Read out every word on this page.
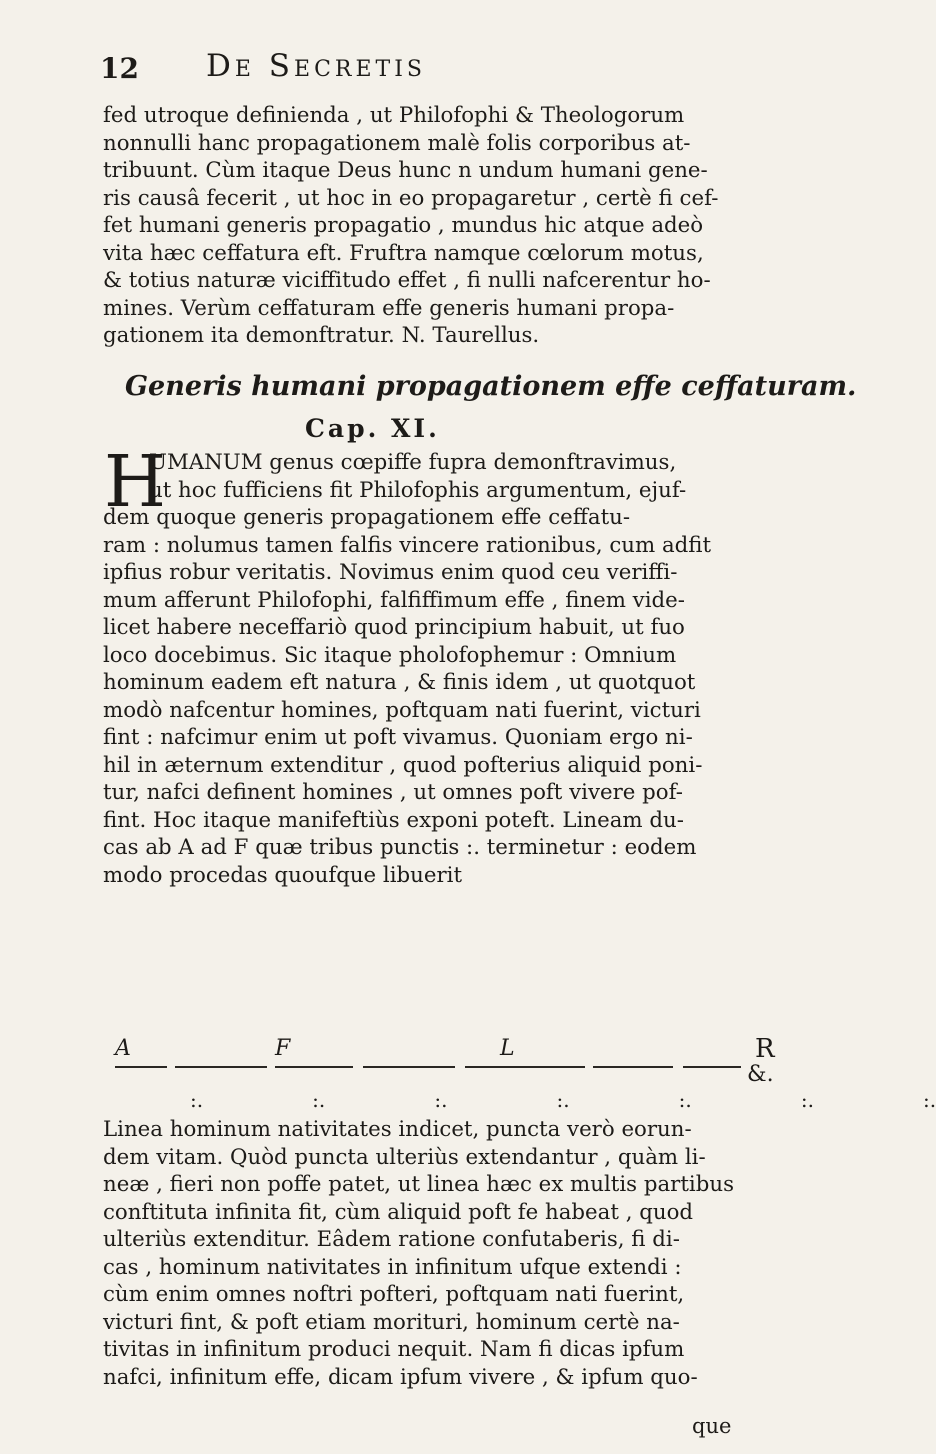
12 De Secretis
fed utroque definienda , ut Philofophi & Theologorum
nonnulli hanc propagationem malè folis corporibus at-
tribuunt. Cùm itaque Deus hunc n undum humani gene-
ris causâ fecerit , ut hoc in eo propagaretur , certè fi cef-
fet humani generis propagatio , mundus hic atque adeò
vita hæc ceffatura eft. Fruftra namque cœlorum motus,
& totius naturæ viciffitudo effet , fi nulli nafcerentur ho-
mines. Verùm ceffaturam effe generis humani propa-
gationem ita demonftratur. N. Taurellus.
Generis humani propagationem effe ceffaturam.
Cap. XI.
H
UMANUM genus cœpiffe fupra demonftravimus,
ut hoc fufficiens fit Philofophis argumentum, ejuf-
dem quoque generis propagationem effe ceffatu-
ram : nolumus tamen falfis vincere rationibus, cum adfit
ipfius robur veritatis. Novimus enim quod ceu veriffi-
mum afferunt Philofophi, falfiffimum effe , finem vide-
licet habere neceffariò quod principium habuit, ut fuo
loco docebimus. Sic itaque pholofophemur : Omnium
hominum eadem eft natura , & finis idem , ut quotquot
modò nafcentur homines, poftquam nati fuerint, victuri
fint : nafcimur enim ut poft vivamus. Quoniam ergo ni-
hil in æternum extenditur , quod pofterius aliquid poni-
tur, nafci definent homines , ut omnes poft vivere pof-
fint. Hoc itaque manifeftiùs exponi poteft. Lineam du-
cas ab A ad F quæ tribus punctis :. terminetur : eodem
modo procedas quoufque libuerit
A	F	L	R
&.
:.   :.   :.   :.   :.   :.   :.
Linea hominum nativitates indicet, puncta verò eorun-
dem vitam. Quòd puncta ulteriùs extendantur , quàm li-
neæ , fieri non poffe patet, ut linea hæc ex multis partibus
conftituta infinita fit, cùm aliquid poft fe habeat , quod
ulteriùs extenditur. Eâdem ratione confutaberis, fi di-
cas , hominum nativitates in infinitum ufque extendi :
cùm enim omnes noftri pofteri, poftquam nati fuerint,
victuri fint, & poft etiam morituri, hominum certè na-
tivitas in infinitum produci nequit. Nam fi dicas ipfum
nafci, infinitum effe, dicam ipfum vivere , & ipfum quo-
que
